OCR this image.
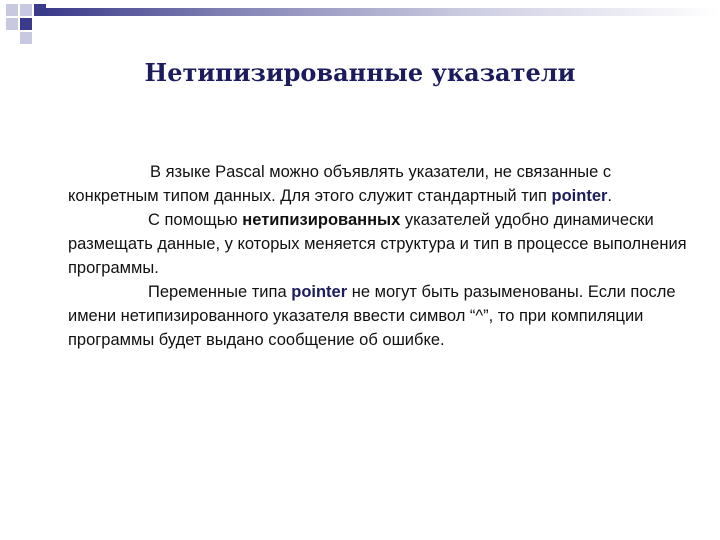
Нетипизированные указатели

В языке Pascal можно объявлять указатели, не связанные с конкретным типом данных. Для этого служит стандартный тип pointer.

С помощью нетипизированных указателей удобно динамически размещать данные, у которых меняется структура и тип в процессе выполнения программы.

Переменные типа pointer не могут быть разыменованы. Если после имени нетипизированного указателя ввести символ “^”, то при компиляции программы будет выдано сообщение об ошибке.
